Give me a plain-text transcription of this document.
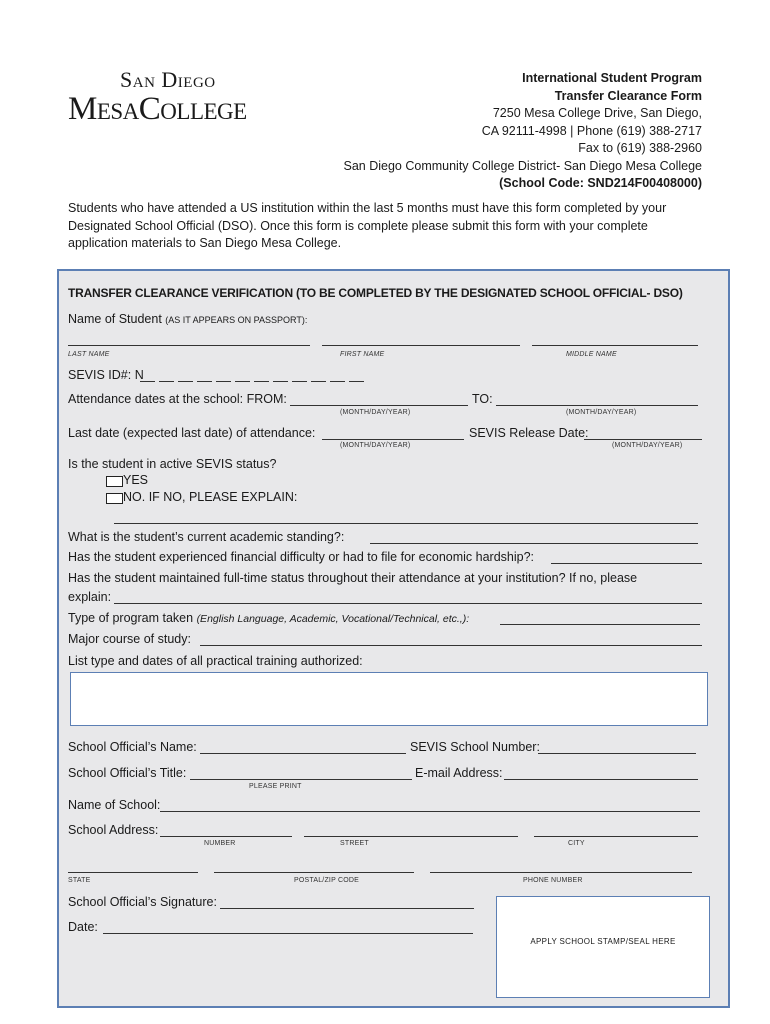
San Diego
MesaCollege
International Student Program
Transfer Clearance Form
7250 Mesa College Drive, San Diego,
CA 92111-4998 | Phone (619) 388-2717
Fax to (619) 388-2960
San Diego Community College District- San Diego Mesa College
(School Code: SND214F00408000)
Students who have attended a US institution within the last 5 months must have this form completed by your Designated School Official (DSO). Once this form is complete please submit this form with your complete application materials to San Diego Mesa College.
TRANSFER CLEARANCE VERIFICATION (TO BE COMPLETED BY THE DESIGNATED SCHOOL OFFICIAL- DSO)
Name of Student (AS IT APPEARS ON PASSPORT):
LAST NAME	FIRST NAME	MIDDLE NAME
SEVIS ID#: N
Attendance dates at the school: FROM:	TO:
(MONTH/DAY/YEAR)	(MONTH/DAY/YEAR)
Last date (expected last date) of attendance:	SEVIS Release Date:
(MONTH/DAY/YEAR)	(MONTH/DAY/YEAR)
Is the student in active SEVIS status?
YES
NO. IF NO, PLEASE EXPLAIN:
What is the student’s current academic standing?:
Has the student experienced financial difficulty or had to file for economic hardship?:
Has the student maintained full-time status throughout their attendance at your institution? If no, please
explain:
Type of program taken (English Language, Academic, Vocational/Technical, etc.,):
Major course of study:
List type and dates of all practical training authorized:
School Official’s Name:	SEVIS School Number:
School Official’s Title:	E-mail Address:
PLEASE PRINT
Name of School:
School Address:
NUMBER	STREET	CITY
STATE	POSTAL/ZIP CODE	PHONE NUMBER
School Official’s Signature:
Date:
APPLY SCHOOL STAMP/SEAL HERE
